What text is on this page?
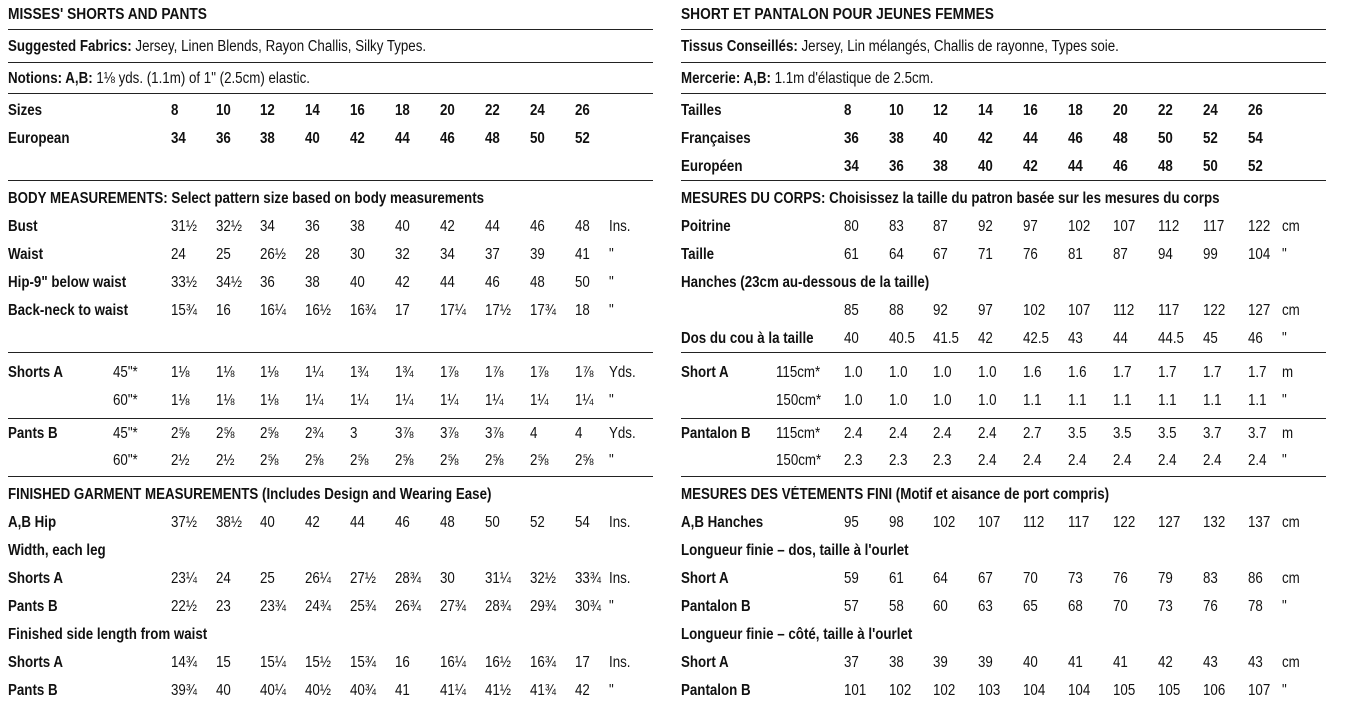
MISSES' SHORTS AND PANTS
Suggested Fabrics: Jersey, Linen Blends, Rayon Challis, Silky Types.
Notions: A,B: 1⅛ yds. (1.1m) of 1" (2.5cm) elastic.
Sizes	8 10 12 14 16 18 20 22 24 26
European	34 36 38 40 42 44 46 48 50 52
BODY MEASUREMENTS: Select pattern size based on body measurements
Bust	31½ 32½ 34 36 38 40 42 44 46 48 Ins.
Waist	24 25 26½ 28 30 32 34 37 39 41 "
Hip-9" below waist	33½ 34½ 36 38 40 42 44 46 48 50 "
Back-neck to waist	15¾ 16 16¼ 16½ 16¾ 17 17¼ 17½ 17¾ 18 "
Shorts A	45"* 1⅛ 1⅛ 1⅛ 1¼ 1¾ 1¾ 1⅞ 1⅞ 1⅞ 1⅞ Yds.
60"* 1⅛ 1⅛ 1⅛ 1¼ 1¼ 1¼ 1¼ 1¼ 1¼ 1¼ "
Pants B	45"* 2⅝ 2⅝ 2⅝ 2¾ 3 3⅞ 3⅞ 3⅞ 4 4 Yds.
60"* 2½ 2½ 2⅝ 2⅝ 2⅝ 2⅝ 2⅝ 2⅝ 2⅝ 2⅝ "
FINISHED GARMENT MEASUREMENTS (Includes Design and Wearing Ease)
A,B Hip	37½ 38½ 40 42 44 46 48 50 52 54 Ins.
Width, each leg
Shorts A	23¼ 24 25 26¼ 27½ 28¾ 30 31¼ 32½ 33¾ Ins.
Pants B	22½ 23 23¾ 24¾ 25¾ 26¾ 27¾ 28¾ 29¾ 30¾ "
Finished side length from waist
Shorts A	14¾ 15 15¼ 15½ 15¾ 16 16¼ 16½ 16¾ 17 Ins.
Pants B	39¾ 40 40¼ 40½ 40¾ 41 41¼ 41½ 41¾ 42 "
SHORT ET PANTALON POUR JEUNES FEMMES
Tissus Conseillés: Jersey, Lin mélangés, Challis de rayonne, Types soie.
Mercerie: A,B: 1.1m d'élastique de 2.5cm.
Tailles	8 10 12 14 16 18 20 22 24 26
Françaises	36 38 40 42 44 46 48 50 52 54
Européen	34 36 38 40 42 44 46 48 50 52
MESURES DU CORPS: Choisissez la taille du patron basée sur les mesures du corps
Poitrine	80 83 87 92 97 102 107 112 117 122 cm
Taille	61 64 67 71 76 81 87 94 99 104 "
Hanches (23cm au-dessous de la taille)
85 88 92 97 102 107 112 117 122 127 cm
Dos du cou à la taille 40 40.5 41.5 42 42.5 43 44 44.5 45 46 "
Short A	115cm* 1.0 1.0 1.0 1.0 1.6 1.6 1.7 1.7 1.7 1.7 m
150cm* 1.0 1.0 1.0 1.0 1.1 1.1 1.1 1.1 1.1 1.1 "
Pantalon B 115cm* 2.4 2.4 2.4 2.4 2.7 3.5 3.5 3.5 3.7 3.7 m
150cm* 2.3 2.3 2.3 2.4 2.4 2.4 2.4 2.4 2.4 2.4 "
MESURES DES VÉTEMENTS FINI (Motif et aisance de port compris)
A,B Hanches	95 98 102 107 112 117 122 127 132 137 cm
Longueur finie – dos, taille à l'ourlet
Short A	59 61 64 67 70 73 76 79 83 86 cm
Pantalon B	57 58 60 63 65 68 70 73 76 78 "
Longueur finie – côté, taille à l'ourlet
Short A	37 38 39 39 40 41 41 42 43 43 cm
Pantalon B	101 102 102 103 104 104 105 105 106 107 "
